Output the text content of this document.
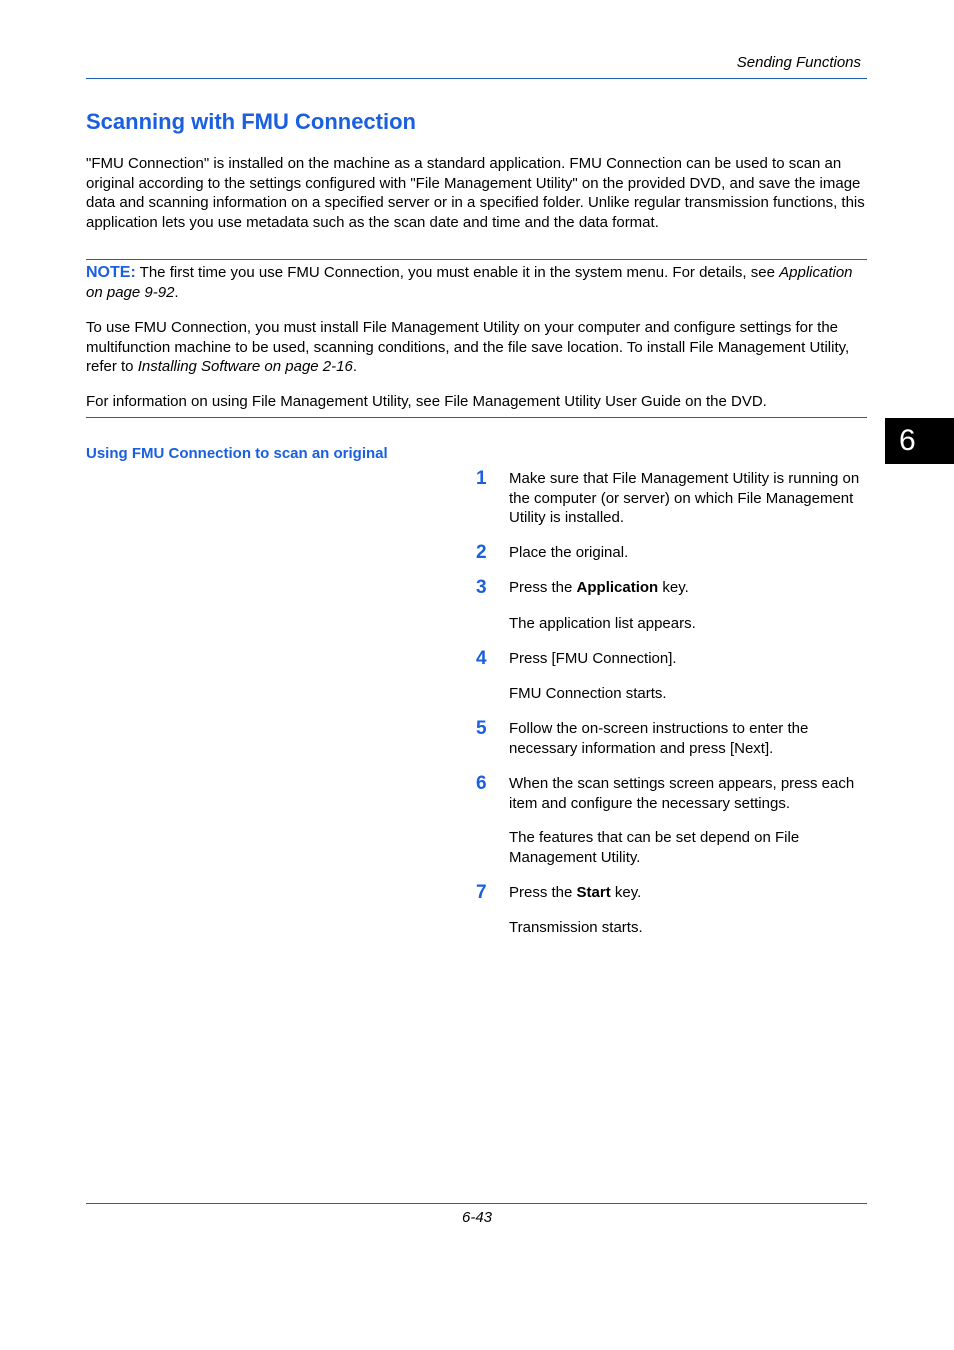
Sending Functions
Scanning with FMU Connection

"FMU Connection" is installed on the machine as a standard application. FMU Connection can be used to scan an original according to the settings configured with "File Management Utility" on the provided DVD, and save the image data and scanning information on a specified server or in a specified folder. Unlike regular transmission functions, this application lets you use metadata such as the scan date and time and the data format.

NOTE: The first time you use FMU Connection, you must enable it in the system menu. For details, see Application on page 9-92.

To use FMU Connection, you must install File Management Utility on your computer and configure settings for the multifunction machine to be used, scanning conditions, and the file save location. To install File Management Utility, refer to Installing Software on page 2-16.

For information on using File Management Utility, see File Management Utility User Guide on the DVD.

6
Using FMU Connection to scan an original
1 Make sure that File Management Utility is running on the computer (or server) on which File Management Utility is installed.

2 Place the original.

3 Press the Application key.

The application list appears.

4 Press [FMU Connection].

FMU Connection starts.

5 Follow the on-screen instructions to enter the necessary information and press [Next].

6 When the scan settings screen appears, press each item and configure the necessary settings.

The features that can be set depend on File Management Utility.

7 Press the Start key.

Transmission starts.

6-43
